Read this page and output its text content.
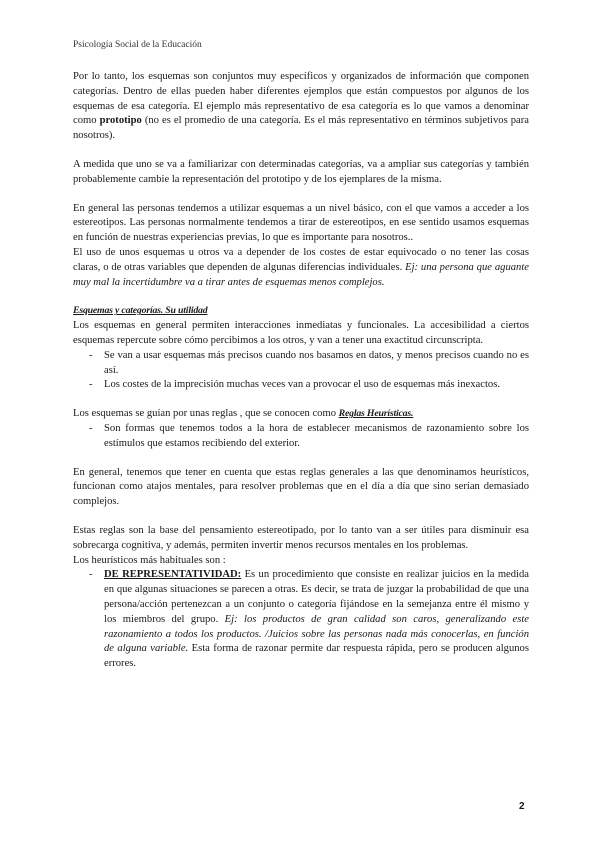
Psicología Social de la Educación

Por lo tanto, los esquemas son conjuntos muy específicos y organizados de información que componen categorías. Dentro de ellas pueden haber diferentes ejemplos que están compuestos por algunos de los esquemas de esa categoría. El ejemplo más representativo de esa categoría es lo que vamos a denominar como prototipo (no es el promedio de una categoría. Es el más representativo en términos subjetivos para nosotros).

A medida que uno se va a familiarizar con determinadas categorías, va a ampliar sus categorías y también probablemente cambie la representación del prototipo y de los ejemplares de la misma.

En general las personas tendemos a utilizar esquemas a un nivel básico, con el que vamos a acceder a los estereotipos. Las personas normalmente tendemos a tirar de estereotipos, en ese sentido usamos esquemas en función de nuestras experiencias previas, lo que es importante para nosotros..

El uso de unos esquemas u otros va a depender de los costes de estar equivocado o no tener las cosas claras, o de otras variables que dependen de algunas diferencias individuales. Ej: una persona que aguante muy mal la incertidumbre va a tirar antes de esquemas menos complejos.

Esquemas y categorías. Su utilidad

Los esquemas en general permiten interacciones inmediatas y funcionales. La accesibilidad a ciertos esquemas repercute sobre cómo percibimos a los otros, y van a tener una exactitud circunscripta.

- Se van a usar esquemas más precisos cuando nos basamos en datos, y menos precisos cuando no es así.
- Los costes de la imprecisión muchas veces van a provocar el uso de esquemas más inexactos.

Los esquemas se guían por unas reglas , que se conocen como Reglas Heurísticas.

- Son formas que tenemos todos a la hora de establecer mecanismos de razonamiento sobre los estímulos que estamos recibiendo del exterior.

En general, tenemos que tener en cuenta que estas reglas generales a las que denominamos heurísticos, funcionan como atajos mentales, para resolver problemas que en el día a día que sino serían demasiado complejos.

Estas reglas son la base del pensamiento estereotipado, por lo tanto van a ser útiles para disminuir esa sobrecarga cognitiva, y además, permiten invertir menos recursos mentales en los problemas.

Los heurísticos más habituales son :

- DE REPRESENTATIVIDAD: Es un procedimiento que consiste en realizar juicios en la medida en que algunas situaciones se parecen a otras. Es decir, se trata de juzgar la probabilidad de que una persona/acción pertenezcan a un conjunto o categoría fijándose en la semejanza entre él mismo y los miembros del grupo. Ej: los productos de gran calidad son caros, generalizando este razonamiento a todos los productos. /Juicios sobre las personas nada más conocerlas, en función de alguna variable. Esta forma de razonar permite dar respuesta rápida, pero se producen algunos errores.
2
